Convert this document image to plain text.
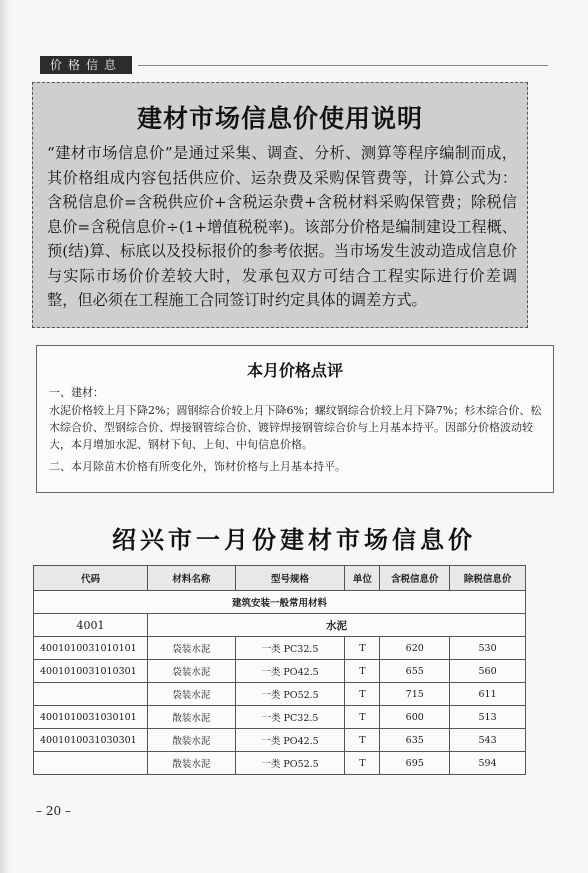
价格信息
建材市场信息价使用说明
“建材市场信息价”是通过采集、调查、分析、测算等程序编制而成，其价格组成内容包括供应价、运杂费及采购保管费等，计算公式为：含税信息价=含税供应价+含税运杂费+含税材料采购保管费；除税信息价=含税信息价÷(1+增值税税率)。该部分价格是编制建设工程概、预(结)算、标底以及投标报价的参考依据。当市场发生波动造成信息价与实际市场价价差较大时，发承包双方可结合工程实际进行价差调整，但必须在工程施工合同签订时约定具体的调差方式。
本月价格点评
一、建材：
水泥价格较上月下降2%；圆钢综合价较上月下降6%；螺纹钢综合价较上月下降7%；杉木综合价、松木综合价、型钢综合价、焊接钢管综合价、镀锌焊接钢管综合价与上月基本持平。因部分价格波动较大，本月增加水泥、钢材下旬、上旬、中旬信息价格。
二、本月除苗木价格有所变化外，饰材价格与上月基本持平。
绍兴市一月份建材市场信息价
代码	材料名称	型号规格	单位	含税信息价	除税信息价
建筑安装一般常用材料					
4001	水泥				
4001010031010101	袋装水泥	一类 PC32.5	T	620	530
4001010031010301	袋装水泥	一类 PO42.5	T	655	560
	袋装水泥	一类 PO52.5	T	715	611
4001010031030101	散装水泥	一类 PC32.5	T	600	513
4001010031030301	散装水泥	一类 PO42.5	T	635	543
	散装水泥	一类 PO52.5	T	695	594
– 20 –
